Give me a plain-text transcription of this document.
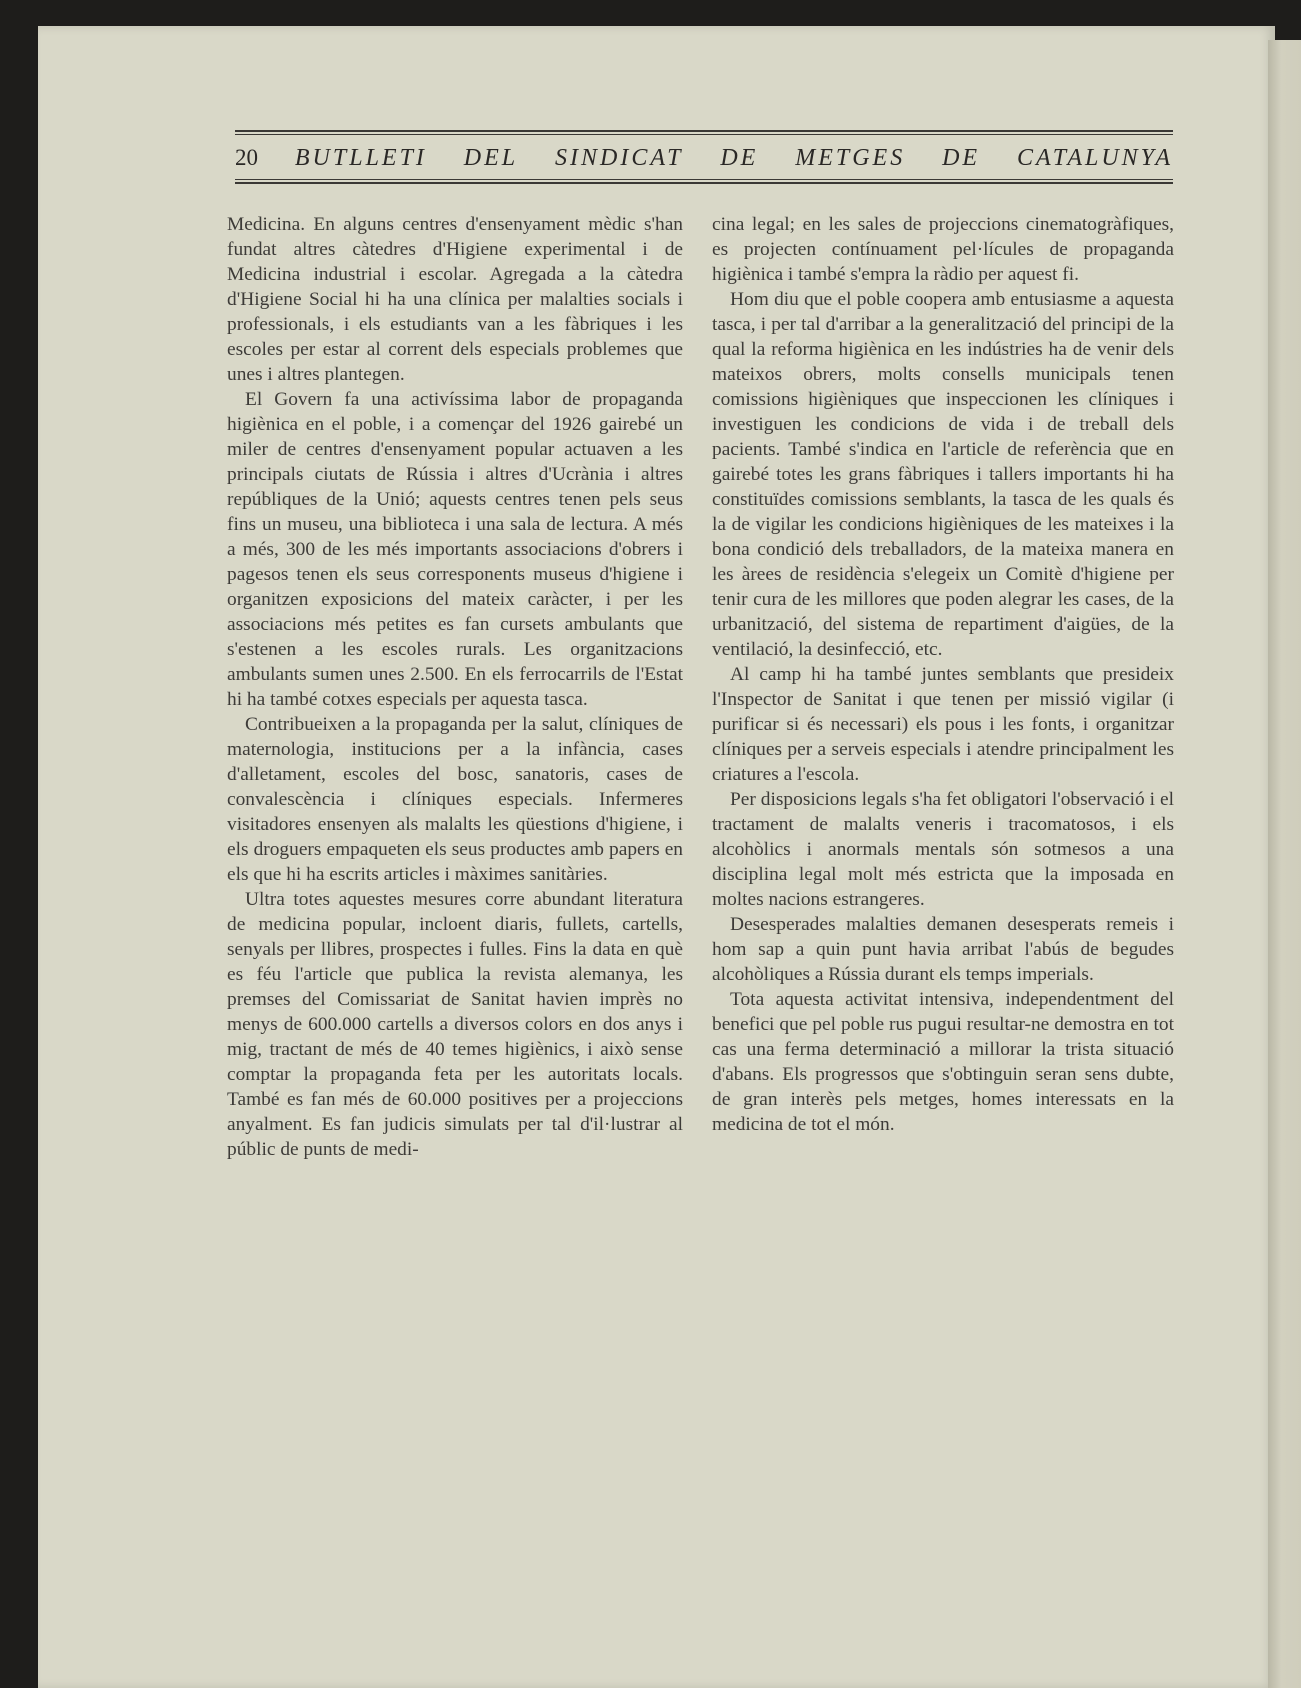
20 BUTLLETI DEL SINDICAT DE METGES DE CATALUNYA

Medicina. En alguns centres d'ensenyament mèdic s'han fundat altres càtedres d'Higiene experimental i de Medicina industrial i escolar. Agregada a la càtedra d'Higiene Social hi ha una clínica per malalties socials i professionals, i els estudiants van a les fàbriques i les escoles per estar al corrent dels especials problemes que unes i altres plantegen.

El Govern fa una activíssima labor de propaganda higiènica en el poble, i a començar del 1926 gairebé un miler de centres d'ensenyament popular actuaven a les principals ciutats de Rússia i altres d'Ucrània i altres repúbliques de la Unió; aquests centres tenen pels seus fins un museu, una biblioteca i una sala de lectura. A més a més, 300 de les més importants associacions d'obrers i pagesos tenen els seus corresponents museus d'higiene i organitzen exposicions del mateix caràcter, i per les associacions més petites es fan cursets ambulants que s'estenen a les escoles rurals. Les organitzacions ambulants sumen unes 2.500. En els ferrocarrils de l'Estat hi ha també cotxes especials per aquesta tasca.

Contribueixen a la propaganda per la salut, clíniques de maternologia, institucions per a la infància, cases d'alletament, escoles del bosc, sanatoris, cases de convalescència i clíniques especials. Infermeres visitadores ensenyen als malalts les qüestions d'higiene, i els droguers empaqueten els seus productes amb papers en els que hi ha escrits articles i màximes sanitàries.

Ultra totes aquestes mesures corre abundant literatura de medicina popular, incloent diaris, fullets, cartells, senyals per llibres, prospectes i fulles. Fins la data en què es féu l'article que publica la revista alemanya, les premses del Comissariat de Sanitat havien imprès no menys de 600.000 cartells a diversos colors en dos anys i mig, tractant de més de 40 temes higiènics, i això sense comptar la propaganda feta per les autoritats locals. També es fan més de 60.000 positives per a projeccions anyalment. Es fan judicis simulats per tal d'il·lustrar al públic de punts de medi-

cina legal; en les sales de projeccions cinematogràfiques, es projecten contínuament pel·lícules de propaganda higiènica i també s'empra la ràdio per aquest fi.

Hom diu que el poble coopera amb entusiasme a aquesta tasca, i per tal d'arribar a la generalització del principi de la qual la reforma higiènica en les indústries ha de venir dels mateixos obrers, molts consells municipals tenen comissions higièniques que inspeccionen les clíniques i investiguen les condicions de vida i de treball dels pacients. També s'indica en l'article de referència que en gairebé totes les grans fàbriques i tallers importants hi ha constituïdes comissions semblants, la tasca de les quals és la de vigilar les condicions higièniques de les mateixes i la bona condició dels treballadors, de la mateixa manera en les àrees de residència s'elegeix un Comitè d'higiene per tenir cura de les millores que poden alegrar les cases, de la urbanització, del sistema de repartiment d'aigües, de la ventilació, la desinfecció, etc.

Al camp hi ha també juntes semblants que presideix l'Inspector de Sanitat i que tenen per missió vigilar (i purificar si és necessari) els pous i les fonts, i organitzar clíniques per a serveis especials i atendre principalment les criatures a l'escola.

Per disposicions legals s'ha fet obligatori l'observació i el tractament de malalts veneris i tracomatosos, i els alcohòlics i anormals mentals són sotmesos a una disciplina legal molt més estricta que la imposada en moltes nacions estrangeres.

Desesperades malalties demanen desesperats remeis i hom sap a quin punt havia arribat l'abús de begudes alcohòliques a Rússia durant els temps imperials.

Tota aquesta activitat intensiva, independentment del benefici que pel poble rus pugui resultar-ne demostra en tot cas una ferma determinació a millorar la trista situació d'abans. Els progressos que s'obtinguin seran sens dubte, de gran interès pels metges, homes interessats en la medicina de tot el món.
